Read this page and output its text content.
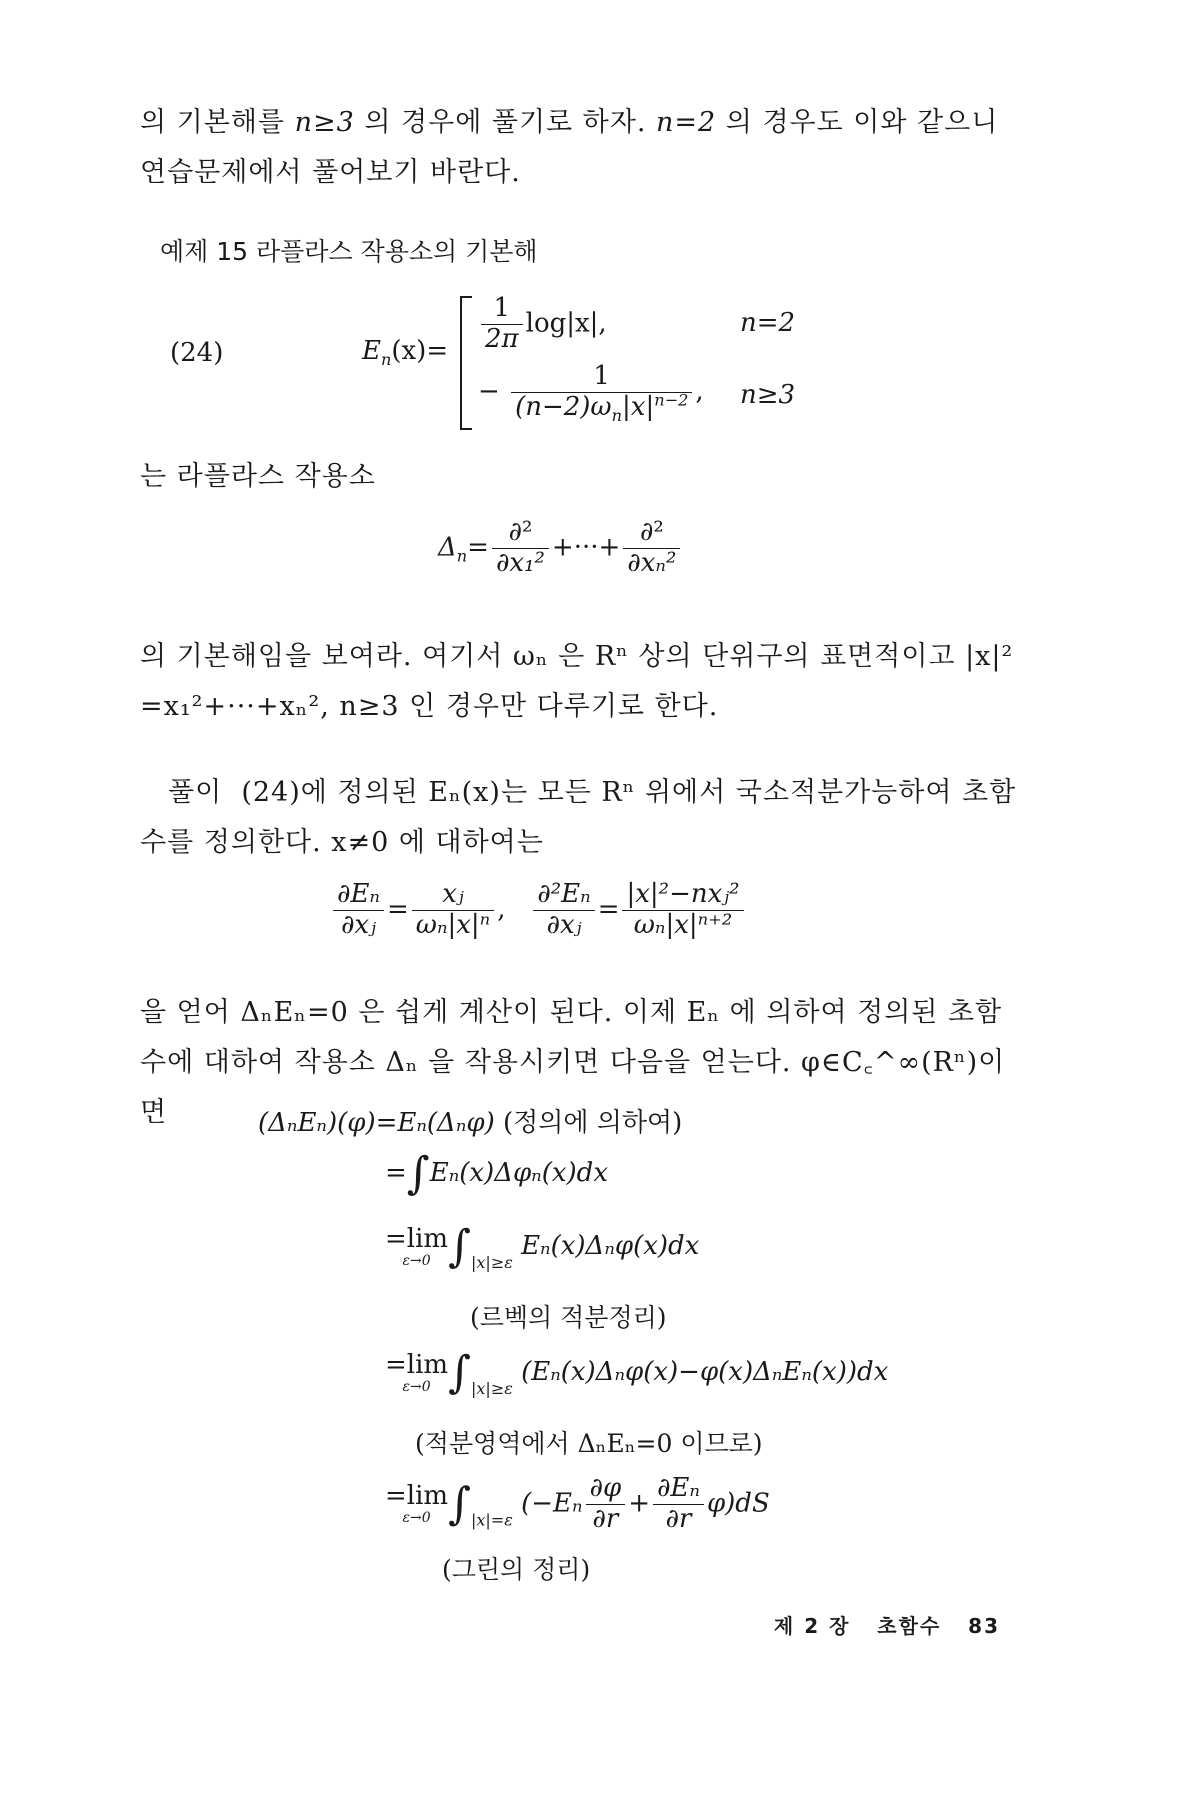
의 기본해를 n≥3 의 경우에 풀기로 하자. n=2 의 경우도 이와 같으니
연습문제에서 풀어보기 바란다.
예제 15 라플라스 작용소의 기본해
(24)	$E_n(x)= \frac{1}{2\pi} \log|x|$,	n=2
− $\frac{1}{(n-2)\omega_n|x|^{n-2}}$ , n≥3
는 라플라스 작용소
$\Delta_n= \frac{\text{∂²}}{\text{∂x₁²}}$ +···+ $\frac{\text{∂²}}{\text{∂xₙ²}}$
의 기본해임을 보여라. 여기서 ωₙ 은 Rⁿ 상의 단위구의 표면적이고 |x|²
=x₁²+···+xₙ², n≥3 인 경우만 다루기로 한다.
풀이 (24)에 정의된 Eₙ(x)는 모든 Rⁿ 위에서 국소적분가능하여 초함
수를 정의한다. x≠0 에 대하여는
$\frac{\text{∂Eₙ}}{\text{∂xⱼ}} = \frac{\text{xⱼ}}{\text{ωₙ|x|ⁿ}}$ , $\frac{\text{∂²Eₙ}}{\text{∂xⱼ}} = \frac{\text{|x|²−nxⱼ²}}{\text{ωₙ|x|ⁿ⁺²}}$
을 얻어 ΔₙEₙ=0 은 쉽게 계산이 된다. 이제 Eₙ 에 의하여 정의된 초함
수에 대하여 작용소 Δₙ 을 작용시키면 다음을 얻는다. φ∈C꜀^∞(Rⁿ)이면	(ΔₙEₙ)(φ)=Eₙ(Δₙφ) (정의에 의하여)
=∫Eₙ(x)Δφₙ(x)dx
=lim
ε→0 $\int_{|x|\ge\varepsilon}$ Eₙ(x)Δₙφ(x)dx
(르벡의 적분정리)
=lim
ε→0 $\int_{|x|\ge\varepsilon}$ (Eₙ(x)Δₙφ(x)−φ(x)ΔₙEₙ(x))dx
(적분영역에서 ΔₙEₙ=0 이므로)
=lim
ε→0 $\int_{|x|=\varepsilon}$ $(-E_n \frac{\partial\varphi}{\partial r} + \frac{\text{∂Eₙ}}{\partial r} \varphi)dS$
(그린의 정리)
제 2 장 초함수 83
